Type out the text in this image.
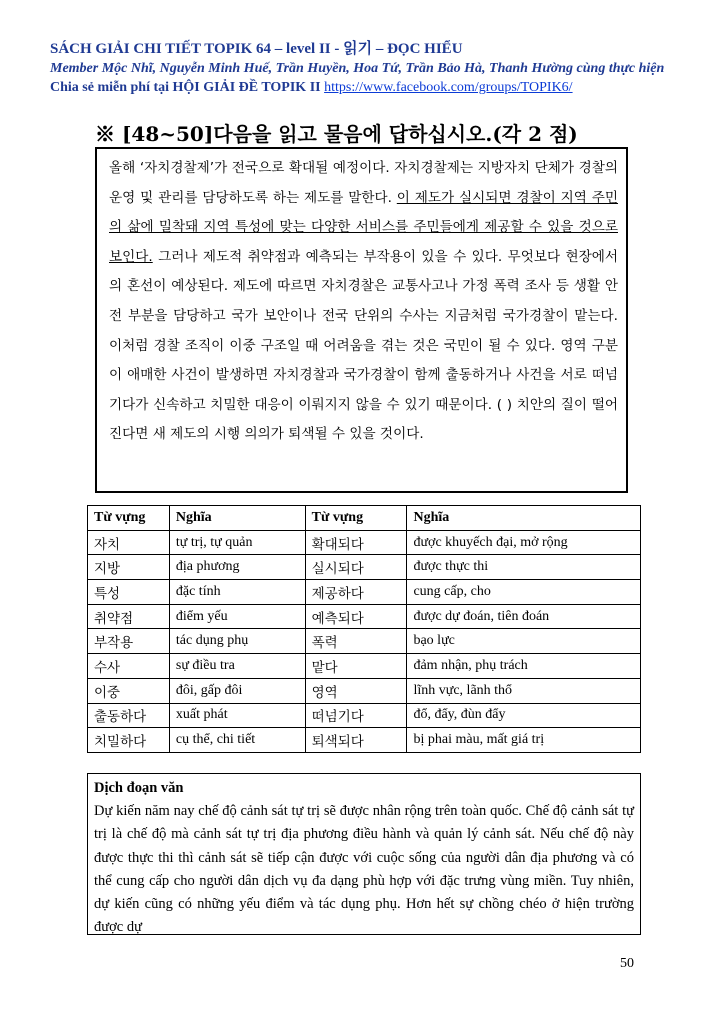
SÁCH GIẢI CHI TIẾT TOPIK 64 – level II - 읽기 – ĐỌC HIỂU
Member Mộc Nhĩ, Nguyễn Minh Huế, Trần Huyền, Hoa Tứ, Trần Bảo Hà, Thanh Hường cùng thực hiện
Chia sẻ miễn phí tại HỘI GIẢI ĐỀ TOPIK II https://www.facebook.com/groups/TOPIK6/
※ [48~50]다음을 읽고 물음에 답하십시오.(각 2 점)
올해 ‘자치경찰제’가 전국으로 확대될 예정이다. 자치경찰제는 지방자치 단체가 경찰의 운영 및 관리를 담당하도록 하는 제도를 말한다. 이 제도가 실시되면 경찰이 지역 주민의 삶에 밀착돼 지역 특성에 맞는 다양한 서비스를 주민들에게 제공할 수 있을 것으로 보인다. 그러나 제도적 취약점과 예측되는 부작용이 있을 수 있다. 무엇보다 현장에서의 혼선이 예상된다. 제도에 따르면 자치경찰은 교통사고나 가정 폭력 조사 등 생활 안전 부분을 담당하고 국가 보안이나 전국 단위의 수사는 지금처럼 국가경찰이 맡는다. 이처럼 경찰 조직이 이중 구조일 때 어려움을 겪는 것은 국민이 될 수 있다. 영역 구분이 애매한 사건이 발생하면 자치경찰과 국가경찰이 함께 출동하거나 사건을 서로 떠넘기다가 신속하고 치밀한 대응이 이뤄지지 않을 수 있기 때문이다. ( ) 치안의 질이 떨어진다면 새 제도의 시행 의의가 퇴색될 수 있을 것이다.
Từ vựng	Nghĩa	Từ vựng	Nghĩa
자치	tự trị, tự quản	확대되다	được khuyếch đại, mở rộng
지방	địa phương	실시되다	được thực thi
특성	đặc tính	제공하다	cung cấp, cho
취약점	điểm yếu	예측되다	được dự đoán, tiên đoán
부작용	tác dụng phụ	폭력	bạo lực
수사	sự điều tra	맡다	đảm nhận, phụ trách
이중	đôi, gấp đôi	영역	lĩnh vực, lãnh thổ
출동하다	xuất phát	떠넘기다	đổ, đẩy, đùn đẩy
치밀하다	cụ thể, chi tiết	퇴색되다	bị phai màu, mất giá trị
Dịch đoạn văn
Dự kiến năm nay chế độ cảnh sát tự trị sẽ được nhân rộng trên toàn quốc. Chế độ cảnh sát tự trị là chế độ mà cảnh sát tự trị địa phương điều hành và quản lý cảnh sát. Nếu chế độ này được thực thi thì cảnh sát sẽ tiếp cận được với cuộc sống của người dân địa phương và có thể cung cấp cho người dân dịch vụ đa dạng phù hợp với đặc trưng vùng miền. Tuy nhiên, dự kiến cũng có những yếu điểm và tác dụng phụ. Hơn hết sự chồng chéo ở hiện trường được dự
50
